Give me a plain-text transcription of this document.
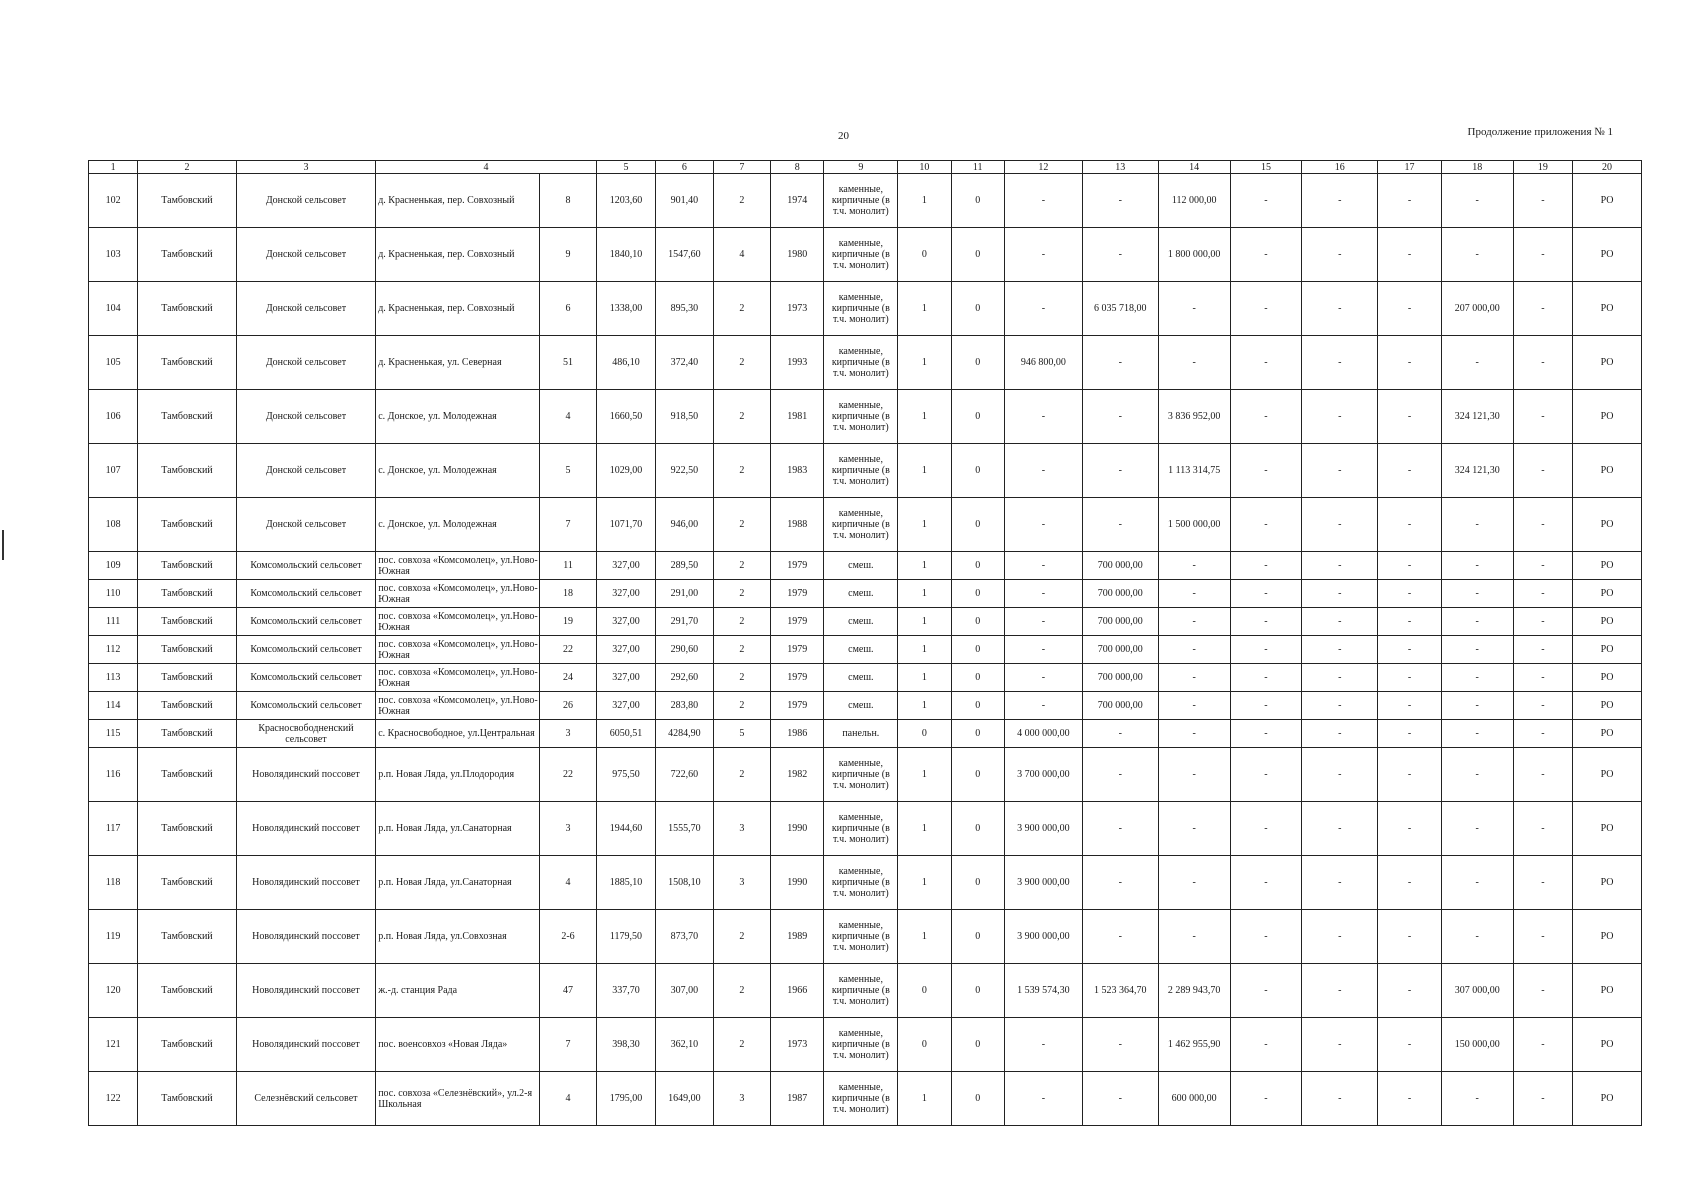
20	Продолжение приложения № 1
1	2	3	4		5	6	7	8	9	10	11	12	13	14	15	16	17	18	19	20
102	Тамбовский	Донской сельсовет	д. Красненькая, пер. Совхозный	8	1203,60	901,40	2	1974	каменные, кирпичные (в т.ч. монолит)	1	0	-	-	112 000,00	-	-	-	-	-	РО
103	Тамбовский	Донской сельсовет	д. Красненькая, пер. Совхозный	9	1840,10	1547,60	4	1980	каменные, кирпичные (в т.ч. монолит)	0	0	-	-	1 800 000,00	-	-	-	-	-	РО
104	Тамбовский	Донской сельсовет	д. Красненькая, пер. Совхозный	6	1338,00	895,30	2	1973	каменные, кирпичные (в т.ч. монолит)	1	0	-	6 035 718,00	-	-	-	-	207 000,00	-	РО
105	Тамбовский	Донской сельсовет	д. Красненькая, ул. Северная	51	486,10	372,40	2	1993	каменные, кирпичные (в т.ч. монолит)	1	0	946 800,00	-	-	-	-	-	-	-	РО
106	Тамбовский	Донской сельсовет	с. Донское, ул. Молодежная	4	1660,50	918,50	2	1981	каменные, кирпичные (в т.ч. монолит)	1	0	-	-	3 836 952,00	-	-	-	324 121,30	-	РО
107	Тамбовский	Донской сельсовет	с. Донское, ул. Молодежная	5	1029,00	922,50	2	1983	каменные, кирпичные (в т.ч. монолит)	1	0	-	-	1 113 314,75	-	-	-	324 121,30	-	РО
108	Тамбовский	Донской сельсовет	с. Донское, ул. Молодежная	7	1071,70	946,00	2	1988	каменные, кирпичные (в т.ч. монолит)	1	0	-	-	1 500 000,00	-	-	-	-	-	РО
109	Тамбовский	Комсомольский сельсовет	пос. совхоза «Комсомолец», ул.Ново-Южная	11	327,00	289,50	2	1979	смеш.	1	0	-	700 000,00	-	-	-	-	-	-	РО
110	Тамбовский	Комсомольский сельсовет	пос. совхоза «Комсомолец», ул.Ново-Южная	18	327,00	291,00	2	1979	смеш.	1	0	-	700 000,00	-	-	-	-	-	-	РО
111	Тамбовский	Комсомольский сельсовет	пос. совхоза «Комсомолец», ул.Ново-Южная	19	327,00	291,70	2	1979	смеш.	1	0	-	700 000,00	-	-	-	-	-	-	РО
112	Тамбовский	Комсомольский сельсовет	пос. совхоза «Комсомолец», ул.Ново-Южная	22	327,00	290,60	2	1979	смеш.	1	0	-	700 000,00	-	-	-	-	-	-	РО
113	Тамбовский	Комсомольский сельсовет	пос. совхоза «Комсомолец», ул.Ново-Южная	24	327,00	292,60	2	1979	смеш.	1	0	-	700 000,00	-	-	-	-	-	-	РО
114	Тамбовский	Комсомольский сельсовет	пос. совхоза «Комсомолец», ул.Ново-Южная	26	327,00	283,80	2	1979	смеш.	1	0	-	700 000,00	-	-	-	-	-	-	РО
115	Тамбовский	Красносвободненский сельсовет	с. Красносвободное, ул.Центральная	3	6050,51	4284,90	5	1986	панельн.	0	0	4 000 000,00	-	-	-	-	-	-	-	РО
116	Тамбовский	Новолядинский поссовет	р.п. Новая Ляда, ул.Плодородия	22	975,50	722,60	2	1982	каменные, кирпичные (в т.ч. монолит)	1	0	3 700 000,00	-	-	-	-	-	-	-	РО
117	Тамбовский	Новолядинский поссовет	р.п. Новая Ляда, ул.Санаторная	3	1944,60	1555,70	3	1990	каменные, кирпичные (в т.ч. монолит)	1	0	3 900 000,00	-	-	-	-	-	-	-	РО
118	Тамбовский	Новолядинский поссовет	р.п. Новая Ляда, ул.Санаторная	4	1885,10	1508,10	3	1990	каменные, кирпичные (в т.ч. монолит)	1	0	3 900 000,00	-	-	-	-	-	-	-	РО
119	Тамбовский	Новолядинский поссовет	р.п. Новая Ляда, ул.Совхозная	2-6	1179,50	873,70	2	1989	каменные, кирпичные (в т.ч. монолит)	1	0	3 900 000,00	-	-	-	-	-	-	-	РО
120	Тамбовский	Новолядинский поссовет	ж.-д. станция Рада	47	337,70	307,00	2	1966	каменные, кирпичные (в т.ч. монолит)	0	0	1 539 574,30	1 523 364,70	2 289 943,70	-	-	-	307 000,00	-	РО
121	Тамбовский	Новолядинский поссовет	пос. военсовхоз «Новая Ляда»	7	398,30	362,10	2	1973	каменные, кирпичные (в т.ч. монолит)	0	0	-	-	1 462 955,90	-	-	-	150 000,00	-	РО
122	Тамбовский	Селезнёвский сельсовет	пос. совхоза «Селезнёвский», ул.2-я Школьная	4	1795,00	1649,00	3	1987	каменные, кирпичные (в т.ч. монолит)	1	0	-	-	600 000,00	-	-	-	-	-	РО
